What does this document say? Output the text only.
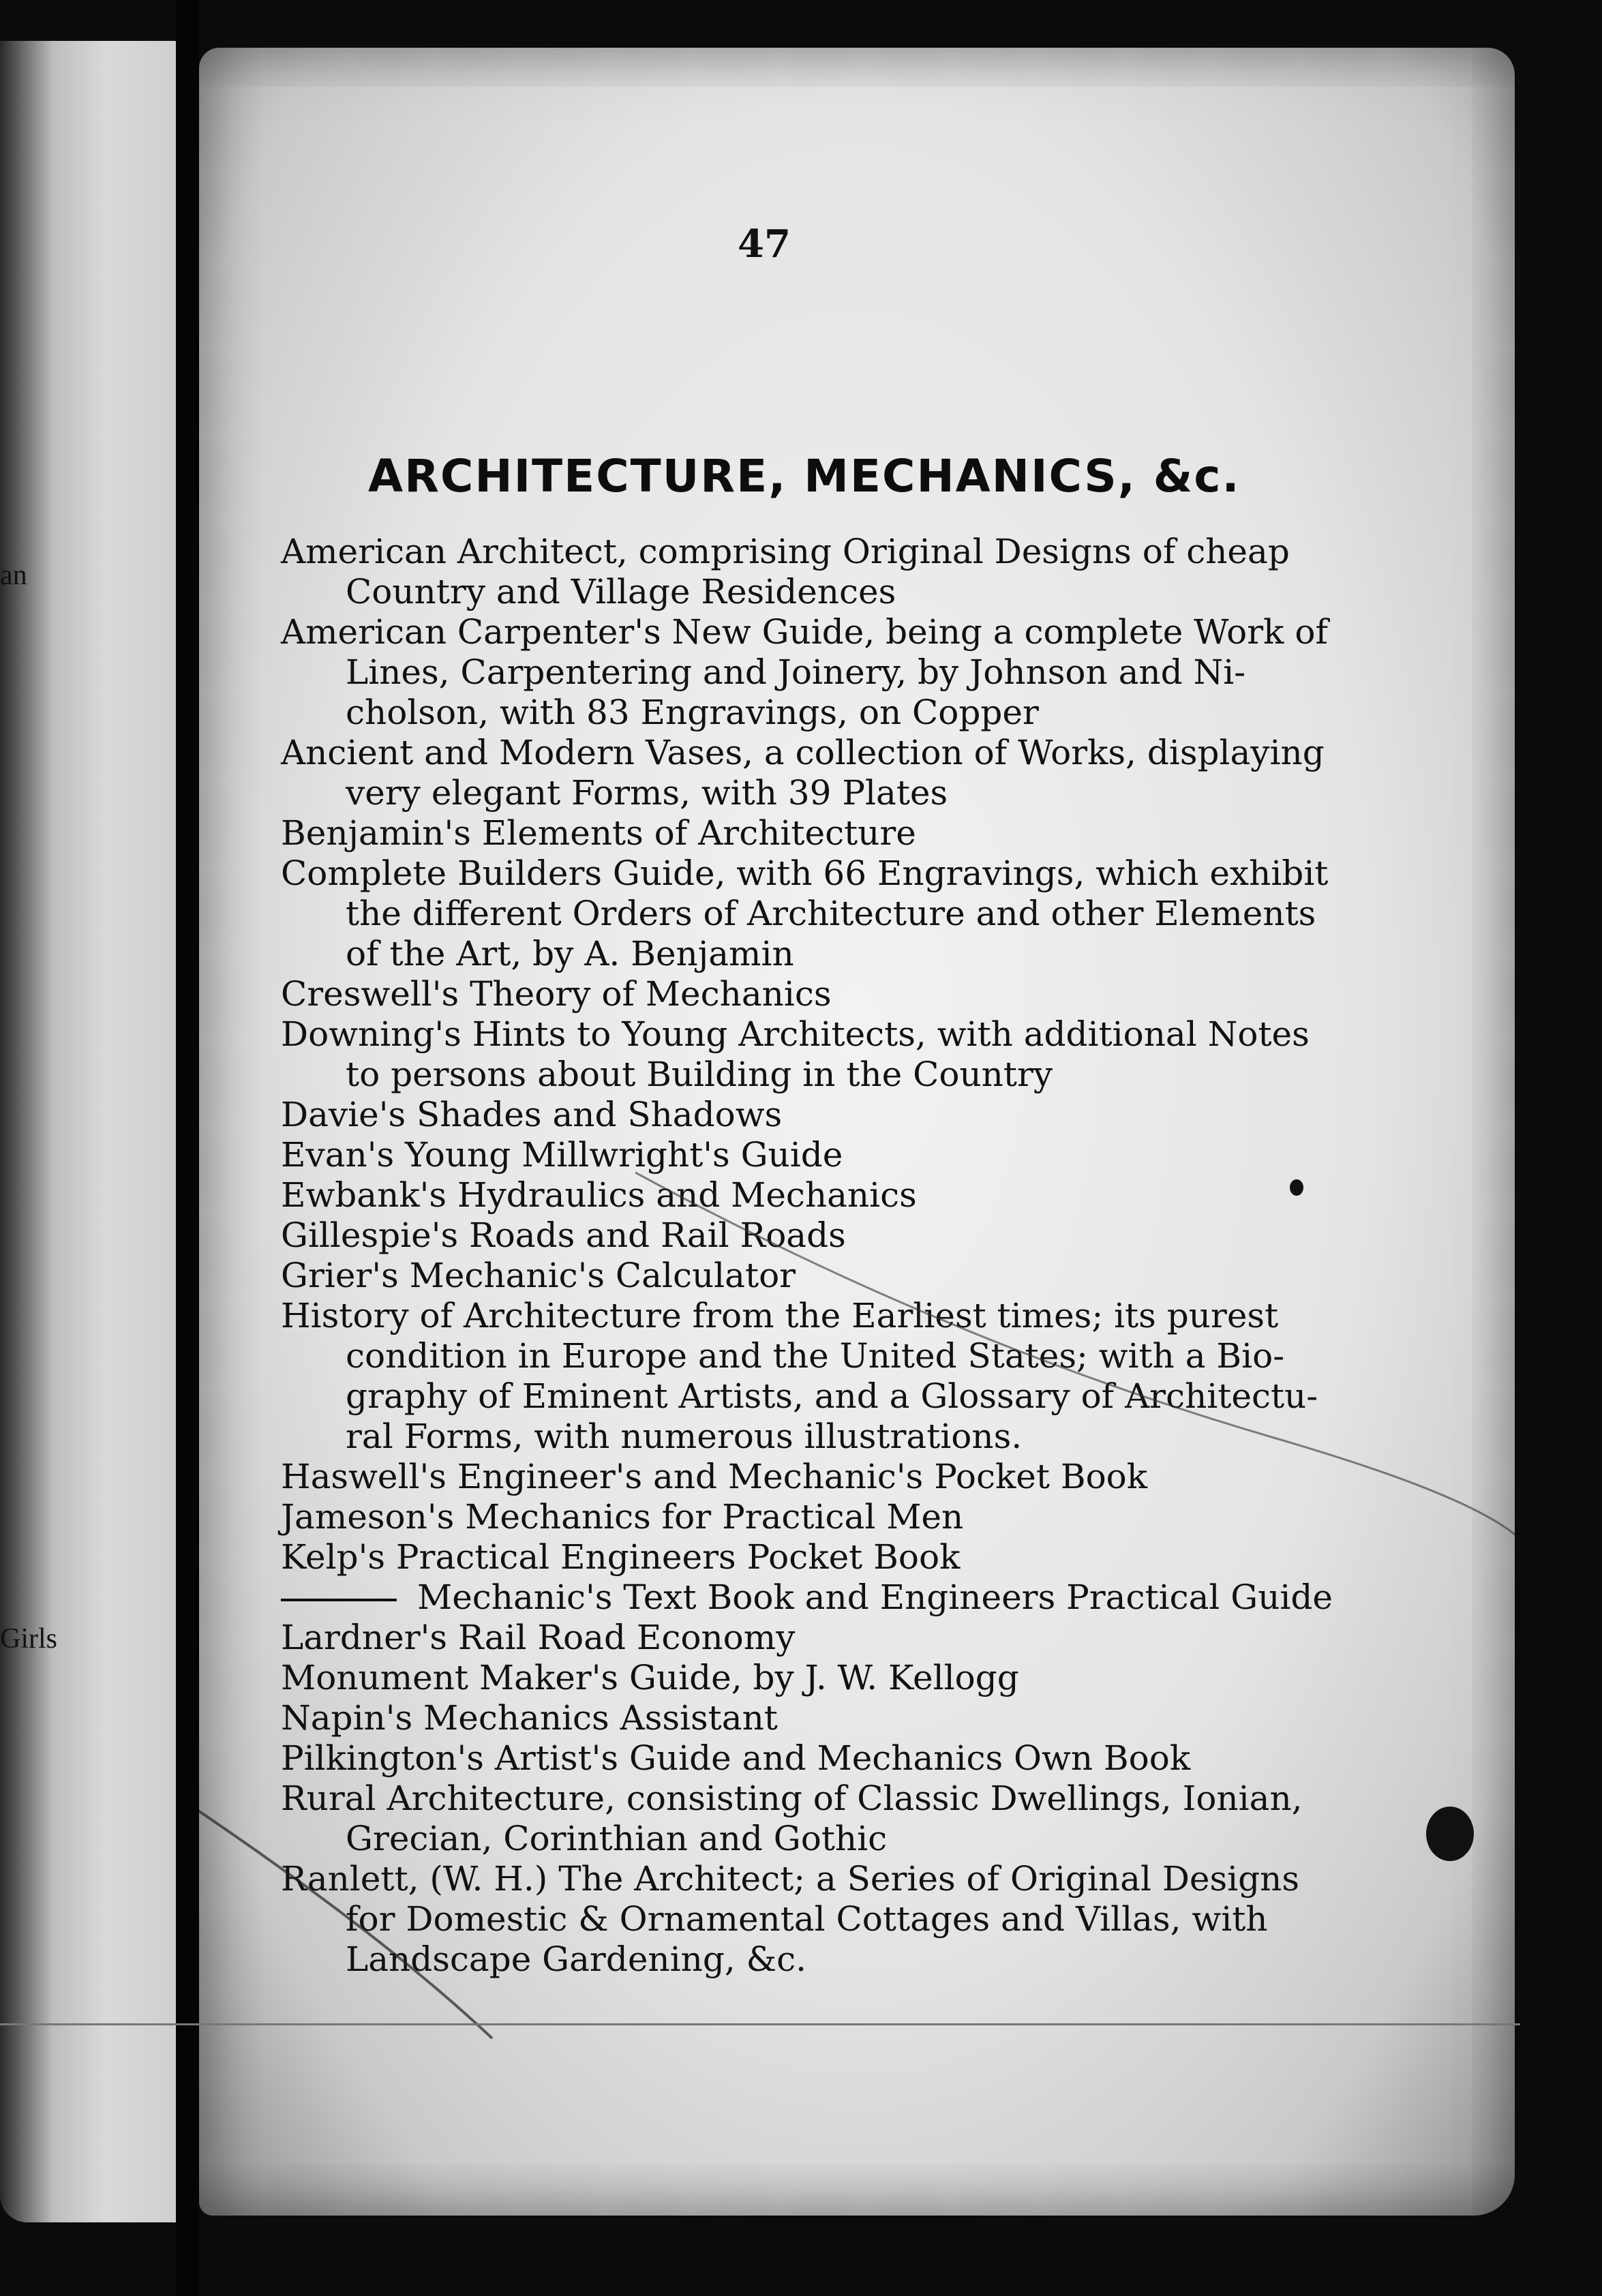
an
Girls
47
ARCHITECTURE, MECHANICS, &c.

American Architect, comprising Original Designs of cheap
Country and Village Residences

American Carpenter's New Guide, being a complete Work of
Lines, Carpentering and Joinery, by Johnson and Ni-
cholson, with 83 Engravings, on Copper

Ancient and Modern Vases, a collection of Works, displaying
very elegant Forms, with 39 Plates

Benjamin's Elements of Architecture

Complete Builders Guide, with 66 Engravings, which exhibit
the different Orders of Architecture and other Elements
of the Art, by A. Benjamin

Creswell's Theory of Mechanics

Downing's Hints to Young Architects, with additional Notes
to persons about Building in the Country

Davie's Shades and Shadows

Evan's Young Millwright's Guide

Ewbank's Hydraulics and Mechanics

Gillespie's Roads and Rail Roads

Grier's Mechanic's Calculator

History of Architecture from the Earliest times; its purest
condition in Europe and the United States; with a Bio-
graphy of Eminent Artists, and a Glossary of Architectu-
ral Forms, with numerous illustrations.

Haswell's Engineer's and Mechanic's Pocket Book

Jameson's Mechanics for Practical Men

Kelp's Practical Engineers Pocket Book

Mechanic's Text Book and Engineers Practical Guide

Lardner's Rail Road Economy

Monument Maker's Guide, by J. W. Kellogg

Napin's Mechanics Assistant

Pilkington's Artist's Guide and Mechanics Own Book

Rural Architecture, consisting of Classic Dwellings, Ionian,
Grecian, Corinthian and Gothic

Ranlett, (W. H.) The Architect; a Series of Original Designs
for Domestic & Ornamental Cottages and Villas, with
Landscape Gardening, &c.
